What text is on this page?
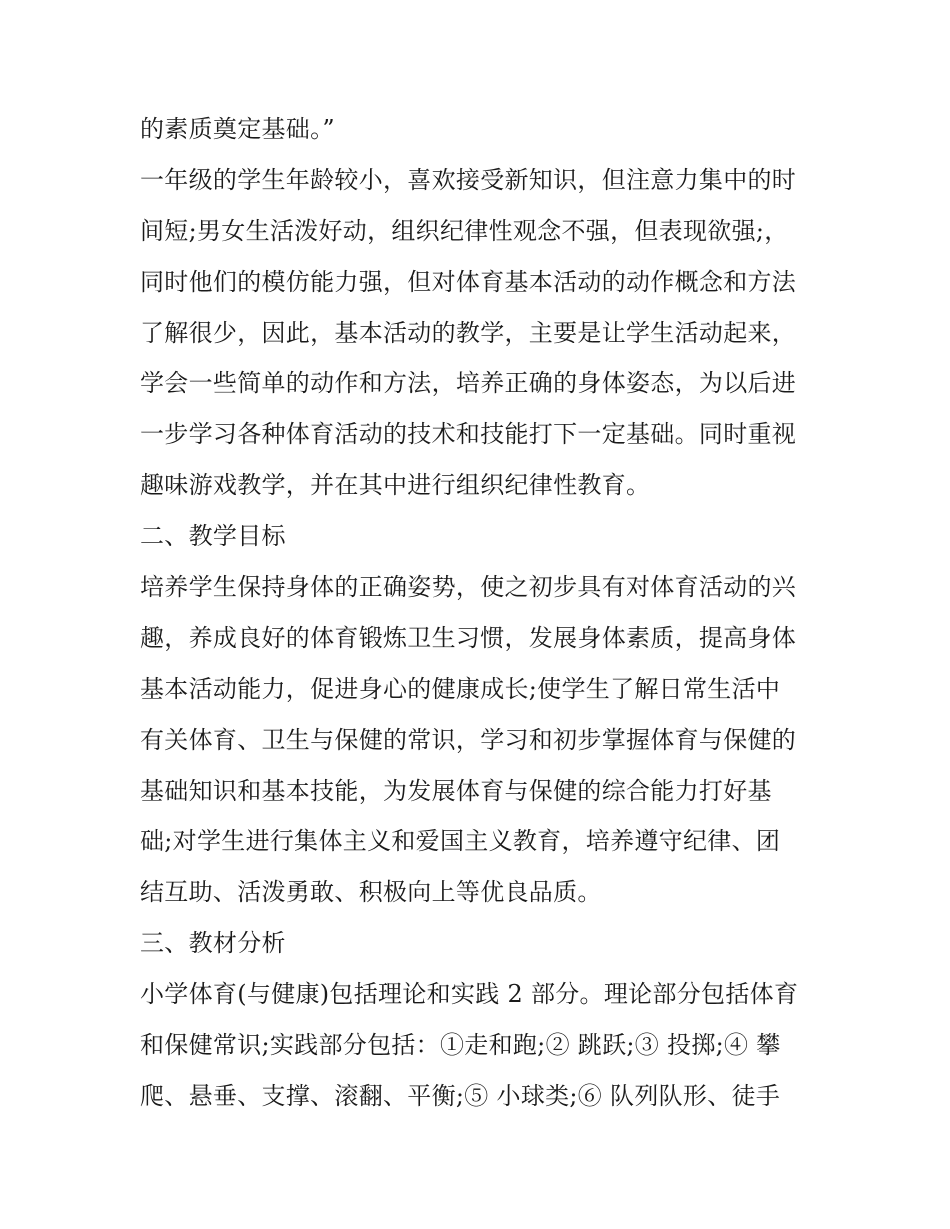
的素质奠定基础。”
一年级的学生年龄较小，喜欢接受新知识，但注意力集中的时
间短;男女生活泼好动，组织纪律性观念不强，但表现欲强;，
同时他们的模仿能力强，但对体育基本活动的动作概念和方法
了解很少，因此，基本活动的教学，主要是让学生活动起来，
学会一些简单的动作和方法，培养正确的身体姿态，为以后进
一步学习各种体育活动的技术和技能打下一定基础。同时重视
趣味游戏教学，并在其中进行组织纪律性教育。
二、教学目标
培养学生保持身体的正确姿势，使之初步具有对体育活动的兴
趣，养成良好的体育锻炼卫生习惯，发展身体素质，提高身体
基本活动能力，促进身心的健康成长;使学生了解日常生活中
有关体育、卫生与保健的常识，学习和初步掌握体育与保健的
基础知识和基本技能，为发展体育与保健的综合能力打好基
础;对学生进行集体主义和爱国主义教育，培养遵守纪律、团
结互助、活泼勇敢、积极向上等优良品质。
三、教材分析
小学体育(与健康)包括理论和实践 2 部分。理论部分包括体育
和保健常识;实践部分包括：①走和跑;② 跳跃;③ 投掷;④ 攀
爬、悬垂、支撑、滚翻、平衡;⑤ 小球类;⑥ 队列队形、徒手
